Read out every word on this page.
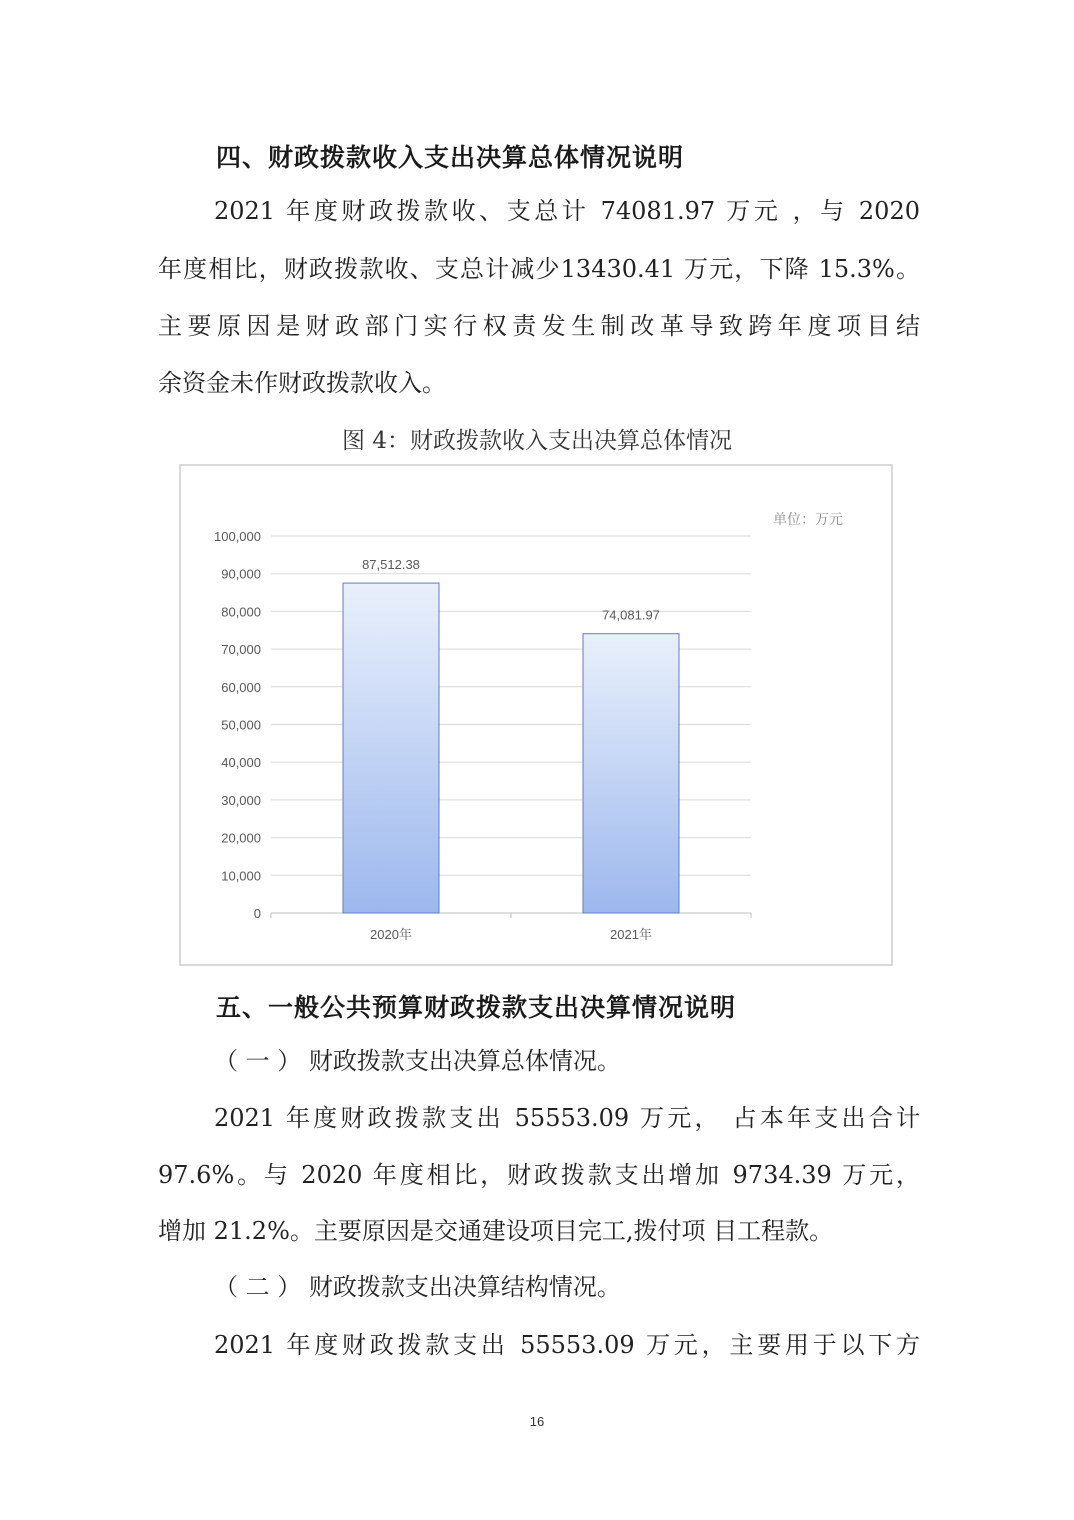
四、财政拨款收入支出决算总体情况说明
2021 年度财政拨款收、支总计 74081.97 万元 ，与 2020
年度相比，财政拨款收、支总计减少13430.41 万元，下降 15.3%。
主要原因是财政部门实行权责发生制改革导致跨年度项目结
余资金未作财政拨款收入。
图 4：财政拨款收入支出决算总体情况
0
10,000
20,000
30,000
40,000
50,000
60,000
70,000
80,000
90,000
100,000
87,512.38
2020年
74,081.97
2021年
单位：万元
五、一般公共预算财政拨款支出决算情况说明
（ 一 ） 财政拨款支出决算总体情况。
2021 年度财政拨款支出 55553.09 万元， 占本年支出合计
97.6%。与 2020 年度相比，财政拨款支出增加 9734.39 万元，
增加 21.2%。主要原因是交通建设项目完工,拨付项 目工程款。
（ 二 ） 财政拨款支出决算结构情况。
2021 年度财政拨款支出 55553.09 万元，主要用于以下方
16
